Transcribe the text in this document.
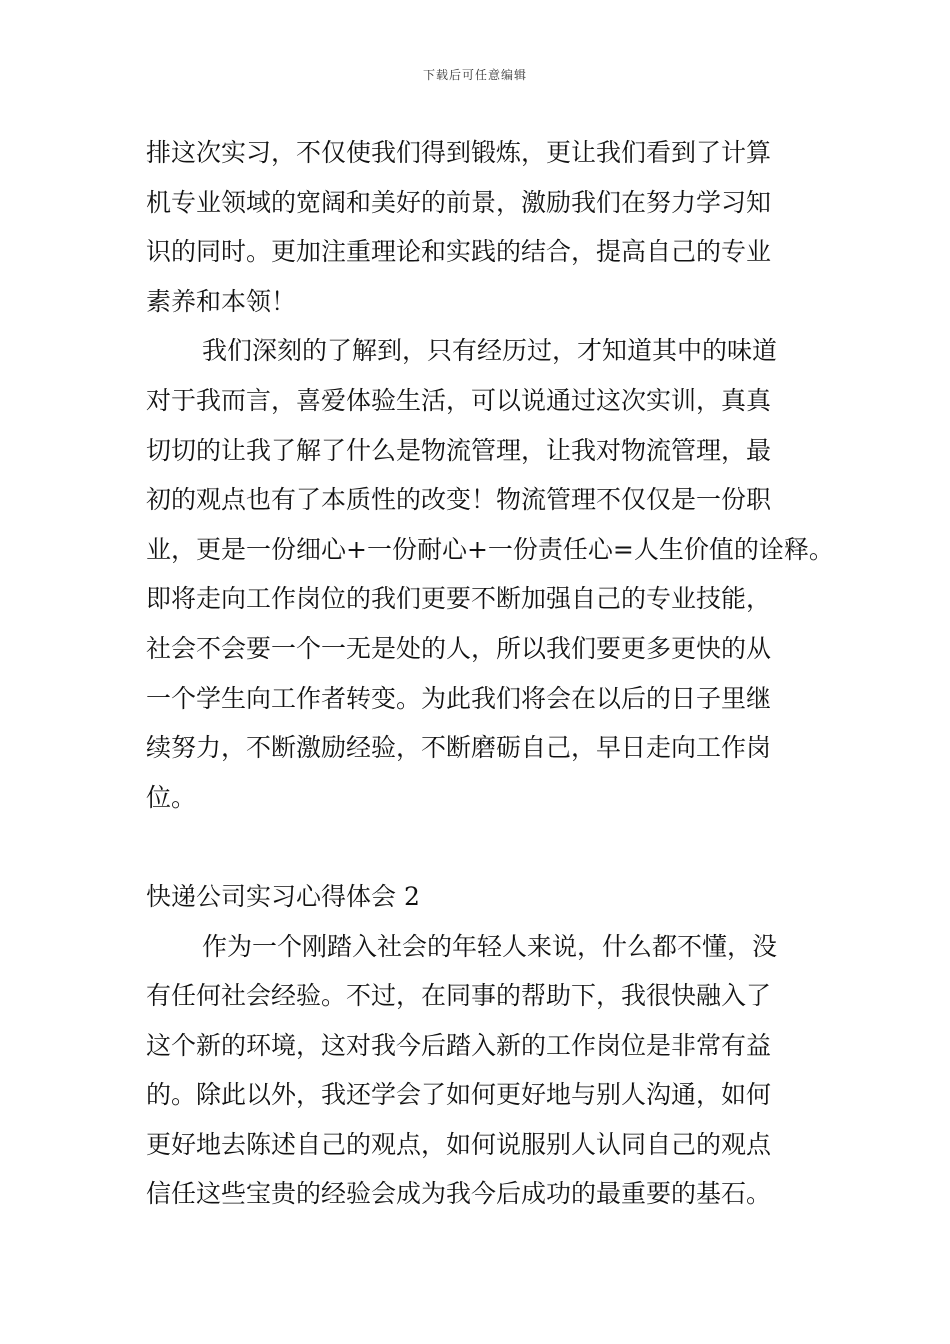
下载后可任意编辑
排这次实习，不仅使我们得到锻炼，更让我们看到了计算
机专业领域的宽阔和美好的前景，激励我们在努力学习知
识的同时。更加注重理论和实践的结合，提高自己的专业
素养和本领！
我们深刻的了解到，只有经历过，才知道其中的味道
对于我而言，喜爱体验生活，可以说通过这次实训，真真
切切的让我了解了什么是物流管理，让我对物流管理，最
初的观点也有了本质性的改变！物流管理不仅仅是一份职
业，更是一份细心+一份耐心+一份责任心=人生价值的诠释。
即将走向工作岗位的我们更要不断加强自己的专业技能，
社会不会要一个一无是处的人，所以我们要更多更快的从
一个学生向工作者转变。为此我们将会在以后的日子里继
续努力，不断激励经验，不断磨砺自己，早日走向工作岗
位。
快递公司实习心得体会 2
作为一个刚踏入社会的年轻人来说，什么都不懂，没
有任何社会经验。不过，在同事的帮助下，我很快融入了
这个新的环境，这对我今后踏入新的工作岗位是非常有益
的。除此以外，我还学会了如何更好地与别人沟通，如何
更好地去陈述自己的观点，如何说服别人认同自己的观点
信任这些宝贵的经验会成为我今后成功的最重要的基石。
